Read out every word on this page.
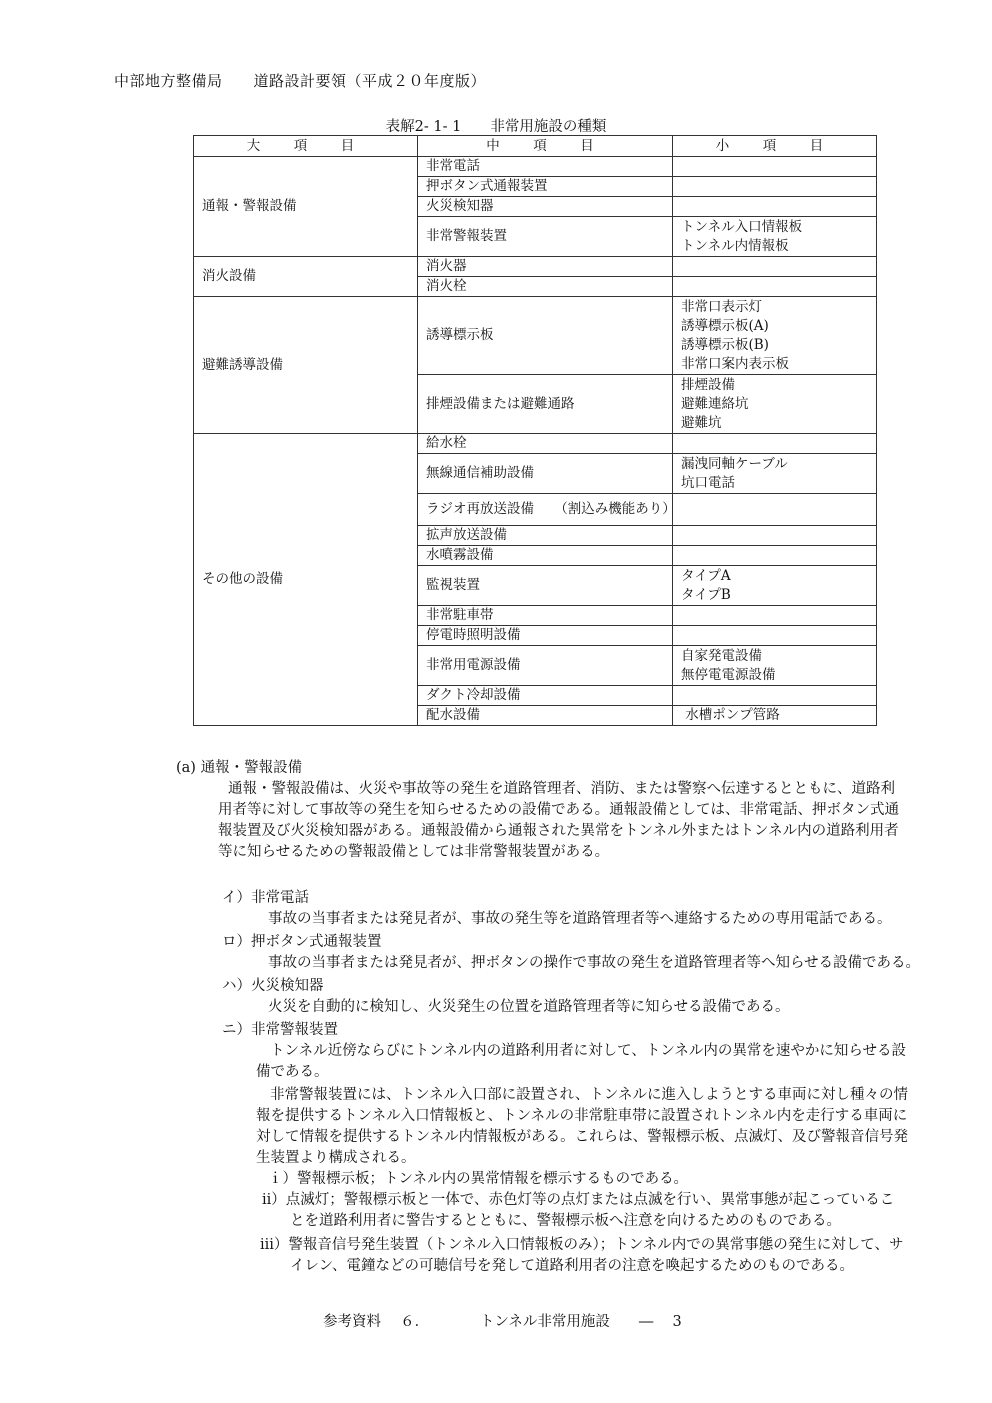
中部地方整備局　　道路設計要領（平成２０年度版）
表解2- 1- 1　　非常用施設の種類
大　項　目	中　項　目	小　項　目
通報・警報設備	非常電話	
	押ボタン式通報装置	
	火災検知器	
	非常警報装置	トンネル入口情報板
トンネル内情報板

消火設備	消火器	
	消火栓	
避難誘導設備	誘導標示板	非常口表示灯
誘導標示板(A)
誘導標示板(B)
非常口案内表示板

	排煙設備または避難通路	排煙設備
避難連絡坑
避難坑

その他の設備	給水栓	
	無線通信補助設備	漏洩同軸ケーブル
坑口電話

	ラジオ再放送設備　　（割込み機能あり）	
	拡声放送設備	
	水噴霧設備	
	監視装置	タイプA
タイプB

	非常駐車帯	
	停電時照明設備	
	非常用電源設備	自家発電設備
無停電電源設備

	ダクト冷却設備	
	配水設備	水槽ポンプ管路
(a) 通報・警報設備
通報・警報設備は、火災や事故等の発生を道路管理者、消防、または警察へ伝達するとともに、道路利
用者等に対して事故等の発生を知らせるための設備である。通報設備としては、非常電話、押ボタン式通
報装置及び火災検知器がある。通報設備から通報された異常をトンネル外またはトンネル内の道路利用者
等に知らせるための警報設備としては非常警報装置がある。
イ）非常電話
事故の当事者または発見者が、事故の発生等を道路管理者等へ連絡するための専用電話である。
ロ）押ボタン式通報装置
事故の当事者または発見者が、押ボタンの操作で事故の発生を道路管理者等へ知らせる設備である。
ハ）火災検知器
火災を自動的に検知し、火災発生の位置を道路管理者等に知らせる設備である。
ニ）非常警報装置
トンネル近傍ならびにトンネル内の道路利用者に対して、トンネル内の異常を速やかに知らせる設
備である。
非常警報装置には、トンネル入口部に設置され、トンネルに進入しようとする車両に対し種々の情
報を提供するトンネル入口情報板と、トンネルの非常駐車帯に設置されトンネル内を走行する車両に
対して情報を提供するトンネル内情報板がある。これらは、警報標示板、点滅灯、及び警報音信号発
生装置より構成される。
ｉ）警報標示板；トンネル内の異常情報を標示するものである。
ⅱ）点滅灯；警報標示板と一体で、赤色灯等の点灯または点滅を行い、異常事態が起こっているこ
とを道路利用者に警告するとともに、警報標示板へ注意を向けるためのものである。
ⅲ）警報音信号発生装置（トンネル入口情報板のみ）；トンネル内での異常事態の発生に対して、サ
イレン、電鐘などの可聴信号を発して道路利用者の注意を喚起するためのものである。
参考資料　 ６．　　　　トンネル非常用施設　　―　 3
